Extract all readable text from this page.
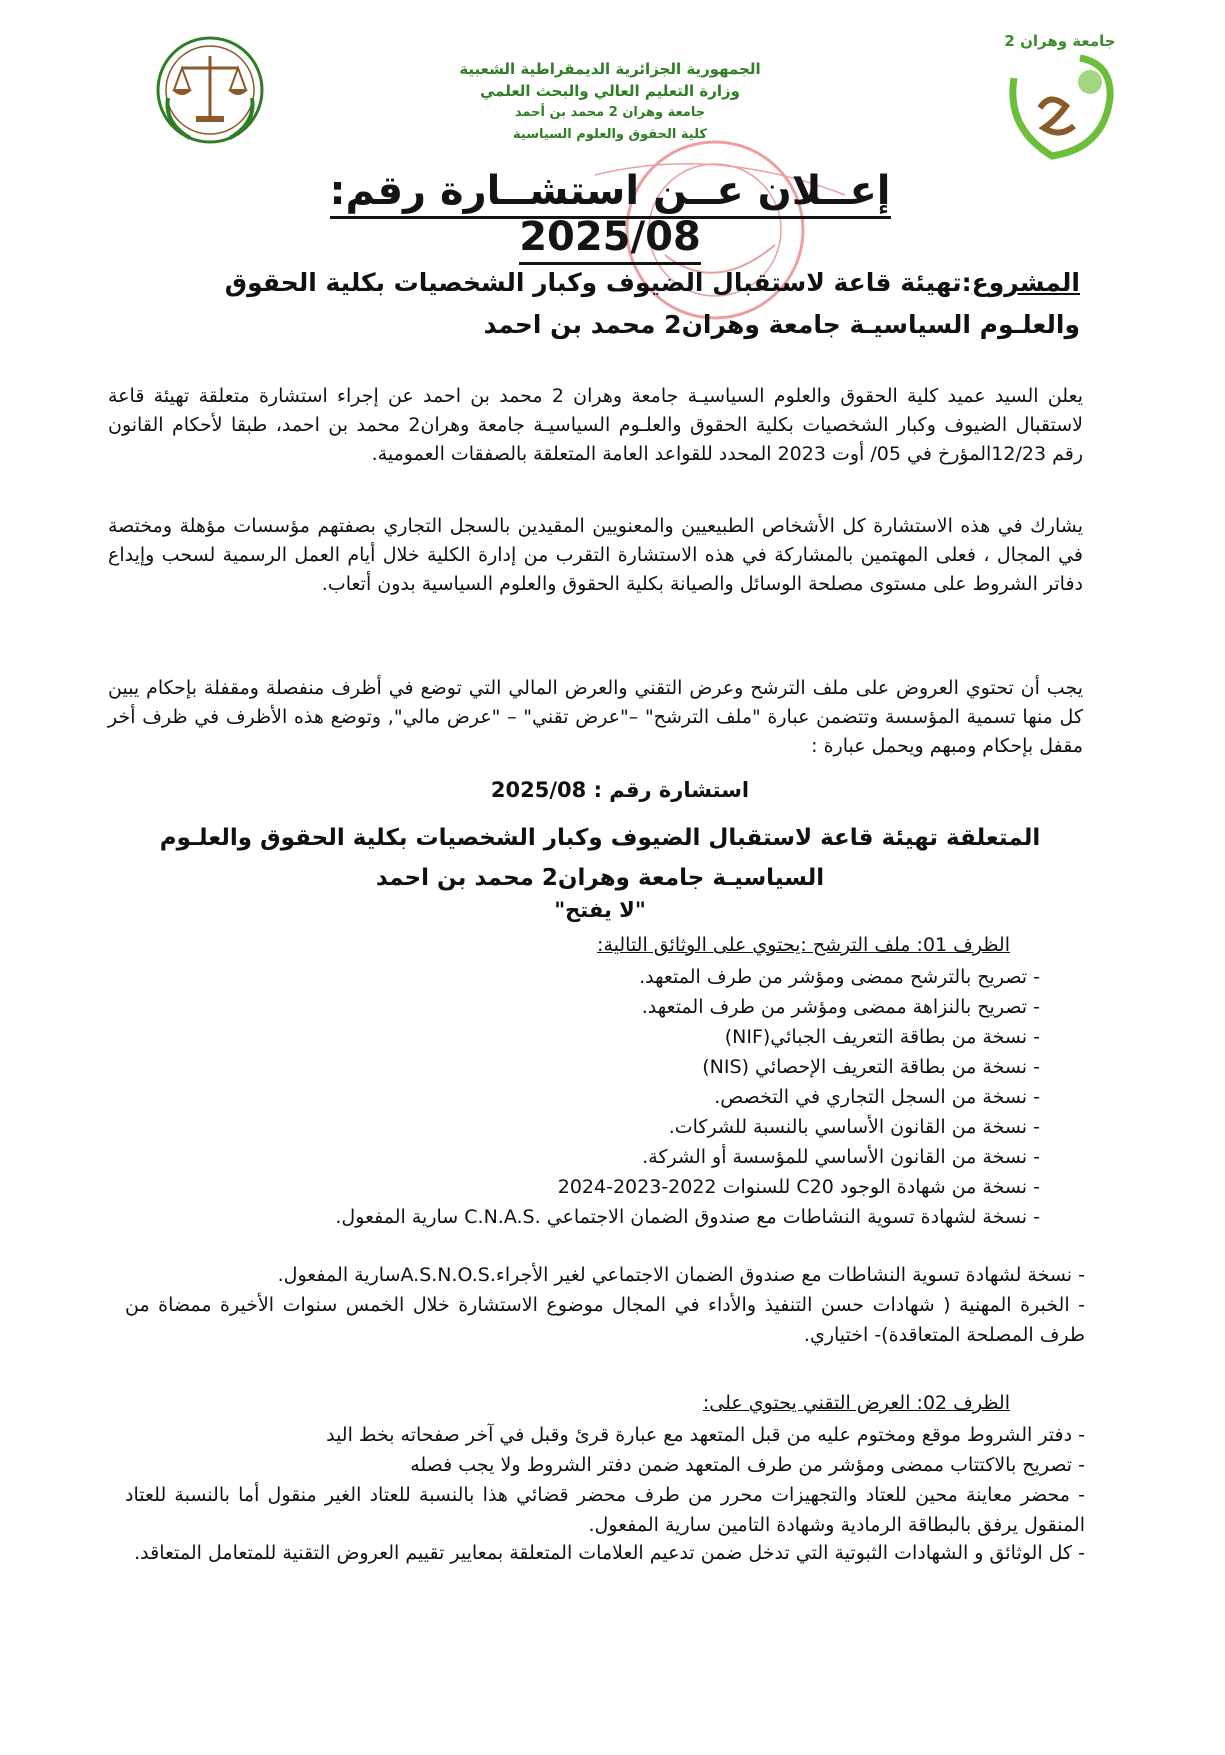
جامعة وهران 2
الجمهورية الجزائرية الديمقراطية الشعبية
وزارة التعليم العالي والبحث العلمي
جامعة وهران 2 محمد بن أحمد
كلية الحقوق والعلوم السياسية
إعــلان عــن استشــارة رقم: 2025/08
المشروع:تهيئة قاعة لاستقبال الضيوف وكبار الشخصيات بكلية الحقوق والعلـوم السياسيـة جامعة وهران2 محمد بن احمد
يعلن السيد عميد كلية الحقوق والعلوم السياسيـة جامعة وهران 2 محمد بن احمد عن إجراء استشارة متعلقة تهيئة قاعة لاستقبال الضيوف وكبار الشخصيات بكلية الحقوق والعلـوم السياسيـة جامعة وهران2 محمد بن احمد، طبقا لأحكام القانون رقم 12/23المؤرخ في 05/ أوت 2023 المحدد للقواعد العامة المتعلقة بالصفقات العمومية.
يشارك في هذه الاستشارة كل الأشخاص الطبيعيين والمعنويين المقيدين بالسجل التجاري بصفتهم مؤسسات مؤهلة ومختصة في المجال ، فعلى المهتمين بالمشاركة في هذه الاستشارة التقرب من إدارة الكلية خلال أيام العمل الرسمية لسحب وإيداع دفاتر الشروط على مستوى مصلحة الوسائل والصيانة بكلية الحقوق والعلوم السياسية بدون أتعاب.
يجب أن تحتوي العروض على ملف الترشح وعرض التقني والعرض المالي التي توضع في أظرف منفصلة ومقفلة بإحكام يبين كل منها تسمية المؤسسة وتتضمن عبارة "ملف الترشح" –"عرض تقني" – "عرض مالي", وتوضع هذه الأظرف في ظرف أخر مقفل بإحكام ومبهم ويحمل عبارة :
استشارة رقم : 2025/08
المتعلقة تهيئة قاعة لاستقبال الضيوف وكبار الشخصيات بكلية الحقوق والعلـوم السياسيـة جامعة وهران2 محمد بن احمد
"لا يفتح"
الظرف 01: ملف الترشح :يحتوي على الوثائق التالية:
- تصريح بالترشح ممضى ومؤشر من طرف المتعهد.
- تصريح بالنزاهة ممضى ومؤشر من طرف المتعهد.
- نسخة من بطاقة التعريف الجبائي(NIF)
- نسخة من بطاقة التعريف الإحصائي (NIS)
- نسخة من السجل التجاري في التخصص.
- نسخة من القانون الأساسي بالنسبة للشركات.
- نسخة من القانون الأساسي للمؤسسة أو الشركة.
- نسخة من شهادة الوجود C20 للسنوات 2022-2023-2024
- نسخة لشهادة تسوية النشاطات مع صندوق الضمان الاجتماعي .C.N.A.S سارية المفعول.
- نسخة لشهادة تسوية النشاطات مع صندوق الضمان الاجتماعي لغير الأجراء.A.S.N.O.Sسارية المفعول.
- الخبرة المهنية ( شهادات حسن التنفيذ والأداء في المجال موضوع الاستشارة خلال الخمس سنوات الأخيرة ممضاة من طرف المصلحة المتعاقدة)- اختياري.
الظرف 02: العرض التقني يحتوي على:
- دفتر الشروط موقع ومختوم عليه من قبل المتعهد مع عبارة قرئ وقبل في آخر صفحاته بخط اليد
- تصريح بالاكتتاب ممضى ومؤشر من طرف المتعهد ضمن دفتر الشروط ولا يجب فصله
- محضر معاينة محين للعتاد والتجهيزات محرر من طرف محضر قضائي هذا بالنسبة للعتاد الغير منقول أما بالنسبة للعتاد المنقول يرفق بالبطاقة الرمادية وشهادة التامين سارية المفعول.
- كل الوثائق و الشهادات الثبوتية التي تدخل ضمن تدعيم العلامات المتعلقة بمعايير تقييم العروض التقنية للمتعامل المتعاقد.
